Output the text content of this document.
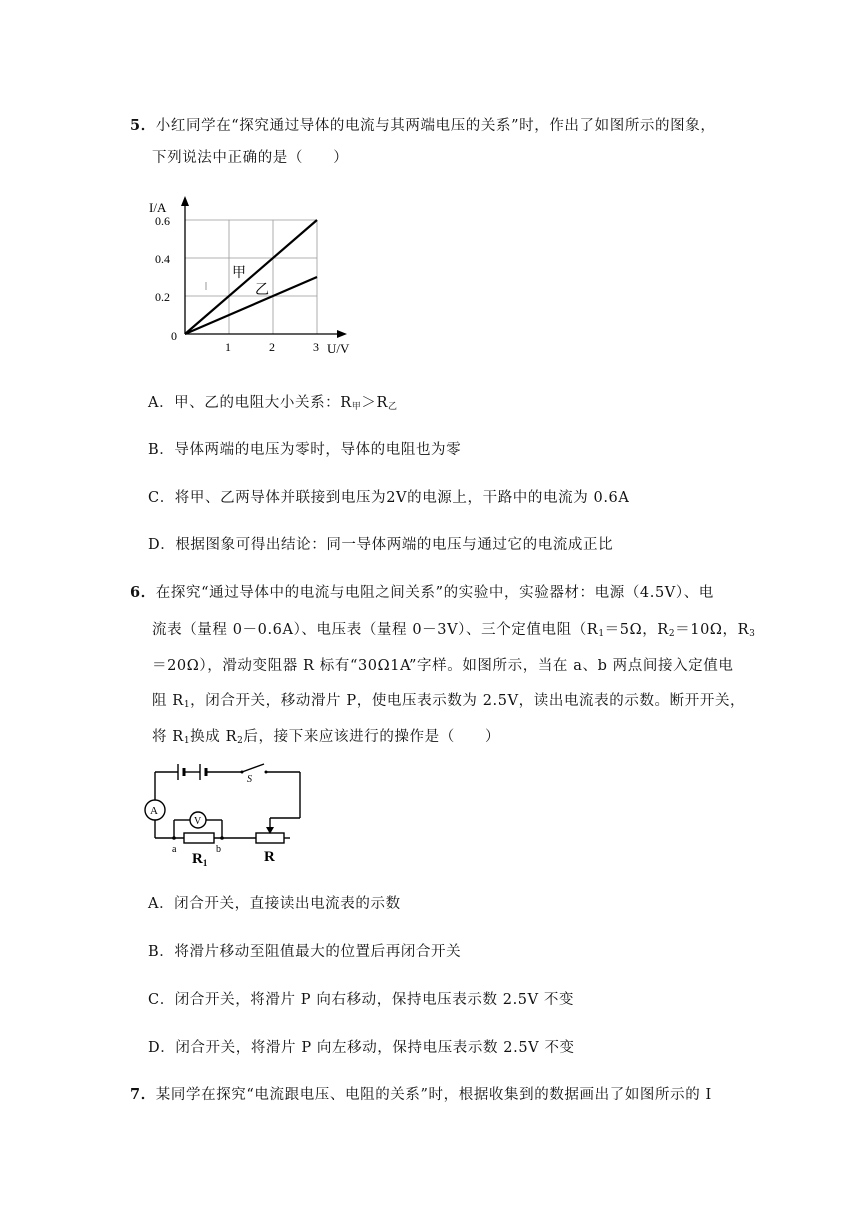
5．小红同学在“探究通过导体的电流与其两端电压的关系”时，作出了如图所示的图象，
下列说法中正确的是（　　）
I/A
U/V
0
0.6
0.4
0.2
1	2	3
甲
乙
A．甲、乙的电阻大小关系：$R_甲>R_乙$
B．导体两端的电压为零时，导体的电阻也为零
C．将甲、乙两导体并联接到电压为2V的电源上，干路中的电流为 0.6A
D．根据图象可得出结论：同一导体两端的电压与通过它的电流成正比
6．在探究“通过导体中的电流与电阻之间关系”的实验中，实验器材：电源（4.5V）、电
流表（量程 0－0.6A）、电压表（量程 0－3V）、三个定值电阻（$R_1=5\Omega$，$R_2=10\Omega$，$R_3$
＝20Ω），滑动变阻器 R 标有“30Ω1A”字样。如图所示，当在 a、b 两点间接入定值电
阻 $R_1$，闭合开关，移动滑片 P，使电压表示数为 2.5V，读出电流表的示数。断开开关，
将 $R_1$换成 $R_2$后，接下来应该进行的操作是（　　）
S
A
V
a	b
$R_1$	R
A．闭合开关，直接读出电流表的示数
B．将滑片移动至阻值最大的位置后再闭合开关
C．闭合开关，将滑片 P 向右移动，保持电压表示数 2.5V 不变
D．闭合开关，将滑片 P 向左移动，保持电压表示数 2.5V 不变
7．某同学在探究“电流跟电压、电阻的关系”时，根据收集到的数据画出了如图所示的 I
